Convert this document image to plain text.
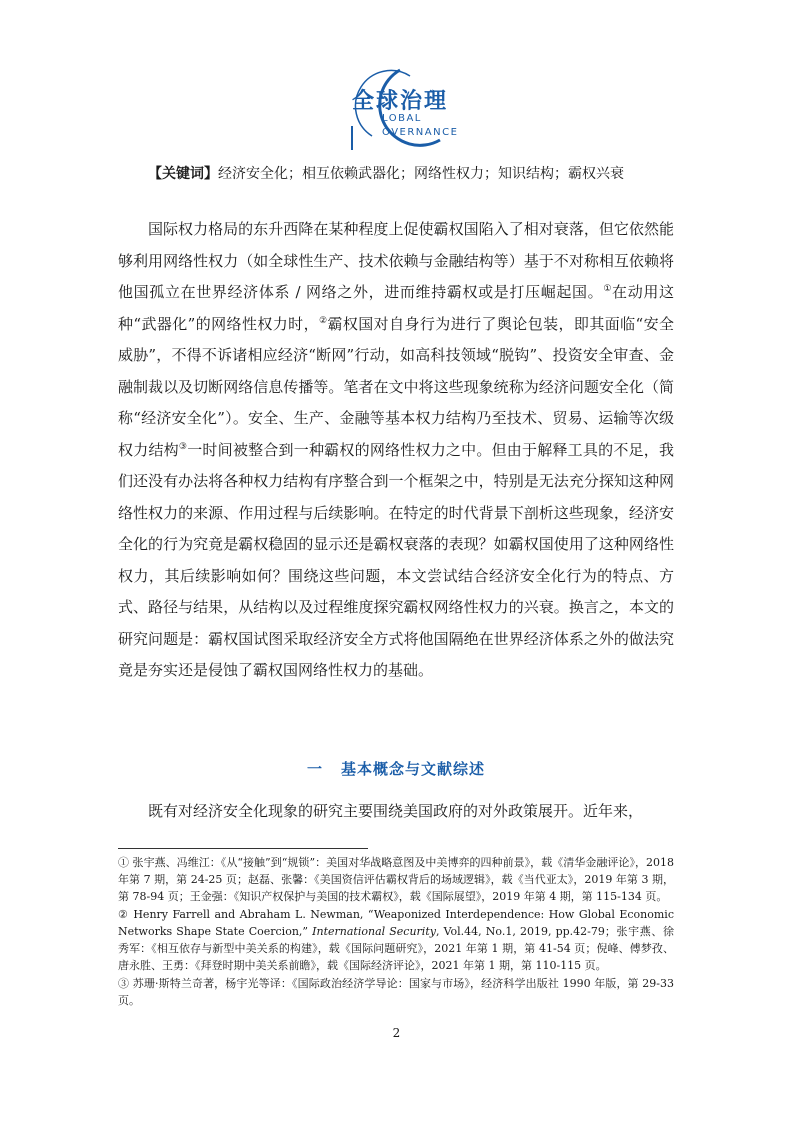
全球治理
LOBAL
OVERNANCE
【关键词】经济安全化；相互依赖武器化；网络性权力；知识结构；霸权兴衰

国际权力格局的东升西降在某种程度上促使霸权国陷入了相对衰落，但它依然能够利用网络性权力（如全球性生产、技术依赖与金融结构等）基于不对称相互依赖将他国孤立在世界经济体系 / 网络之外，进而维持霸权或是打压崛起国。①在动用这种“武器化”的网络性权力时，②霸权国对自身行为进行了舆论包装，即其面临“安全威胁”，不得不诉诸相应经济“断网”行动，如高科技领域“脱钩”、投资安全审查、金融制裁以及切断网络信息传播等。笔者在文中将这些现象统称为经济问题安全化（简称“经济安全化”）。安全、生产、金融等基本权力结构乃至技术、贸易、运输等次级权力结构③一时间被整合到一种霸权的网络性权力之中。但由于解释工具的不足，我们还没有办法将各种权力结构有序整合到一个框架之中，特别是无法充分探知这种网络性权力的来源、作用过程与后续影响。在特定的时代背景下剖析这些现象，经济安全化的行为究竟是霸权稳固的显示还是霸权衰落的表现？如霸权国使用了这种网络性权力，其后续影响如何？围绕这些问题，本文尝试结合经济安全化行为的特点、方式、路径与结果，从结构以及过程维度探究霸权网络性权力的兴衰。换言之，本文的研究问题是：霸权国试图采取经济安全方式将他国隔绝在世界经济体系之外的做法究竟是夯实还是侵蚀了霸权国网络性权力的基础。

一 基本概念与文献综述

既有对经济安全化现象的研究主要围绕美国政府的对外政策展开。近年来，

① 张宇燕、冯维江：《从“接触”到“规锁”：美国对华战略意图及中美博弈的四种前景》，载《清华金融评论》，2018 年第 7 期，第 24-25 页；赵磊、张馨：《美国资信评估霸权背后的场域逻辑》，载《当代亚太》，2019 年第 3 期，第 78-94 页；王金强：《知识产权保护与美国的技术霸权》，载《国际展望》，2019 年第 4 期，第 115-134 页。

② Henry Farrell and Abraham L. Newman, “Weaponized Interdependence: How Global Economic Networks Shape State Coercion,” International Security, Vol.44, No.1, 2019, pp.42-79；张宇燕、徐秀军：《相互依存与新型中美关系的构建》，载《国际问题研究》，2021 年第 1 期，第 41-54 页；倪峰、傅梦孜、唐永胜、王勇：《拜登时期中美关系前瞻》，载《国际经济评论》，2021 年第 1 期，第 110-115 页。

③ 苏珊·斯特兰奇著，杨宇光等译：《国际政治经济学导论：国家与市场》，经济科学出版社 1990 年版，第 29-33 页。

2
